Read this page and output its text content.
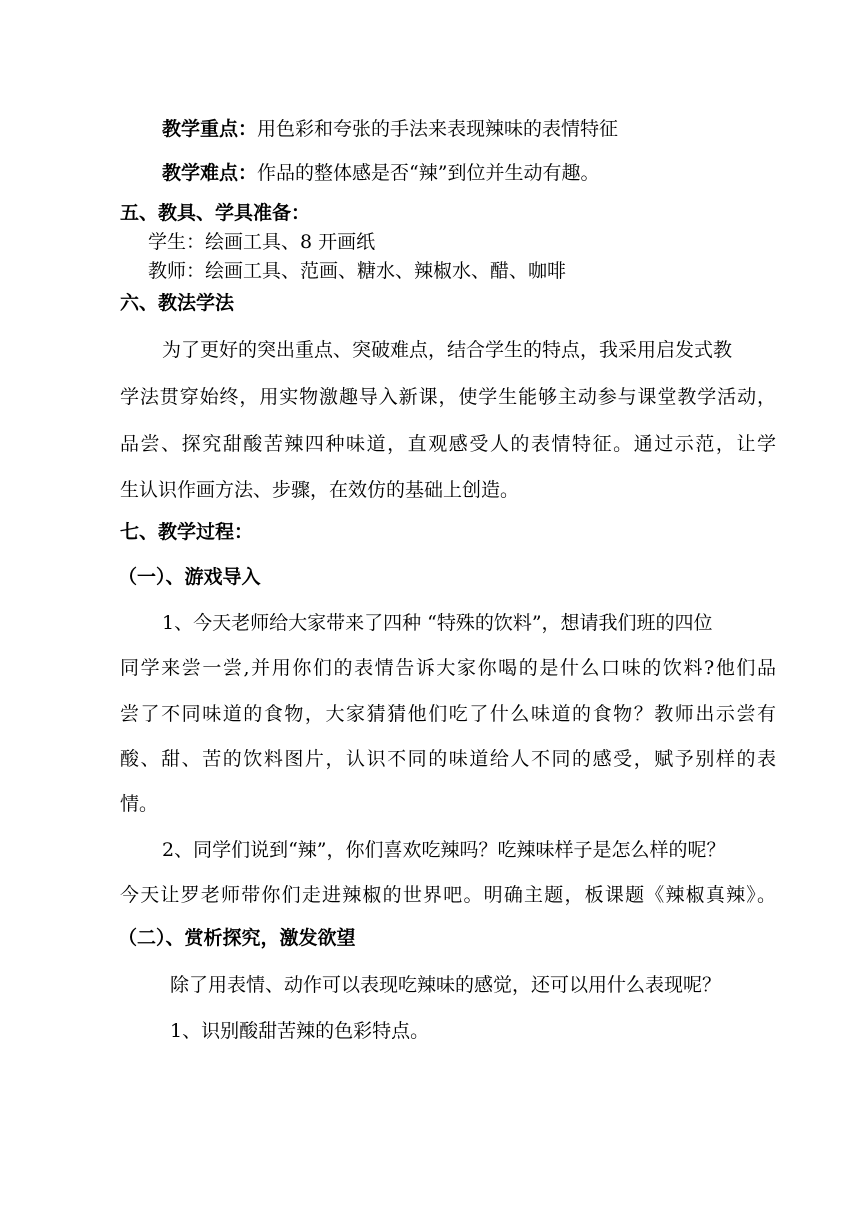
教学重点：用色彩和夸张的手法来表现辣味的表情特征
教学难点：作品的整体感是否“辣”到位并生动有趣。
五、教具、学具准备：
学生：绘画工具、8 开画纸
教师：绘画工具、范画、糖水、辣椒水、醋、咖啡
六、教法学法
为了更好的突出重点、突破难点，结合学生的特点，我采用启发式教
学法贯穿始终，用实物激趣导入新课，使学生能够主动参与课堂教学活动，
品尝、探究甜酸苦辣四种味道，直观感受人的表情特征。通过示范，让学
生认识作画方法、步骤，在效仿的基础上创造。
七、教学过程：
（一）、游戏导入
1、今天老师给大家带来了四种 “特殊的饮料”，想请我们班的四位
同学来尝一尝,并用你们的表情告诉大家你喝的是什么口味的饮料?他们品
尝了不同味道的食物，大家猜猜他们吃了什么味道的食物？教师出示尝有
酸、甜、苦的饮料图片，认识不同的味道给人不同的感受，赋予别样的表
情。
2、同学们说到“辣”，你们喜欢吃辣吗？吃辣味样子是怎么样的呢？
今天让罗老师带你们走进辣椒的世界吧。明确主题，板课题《辣椒真辣》。
（二）、赏析探究，激发欲望
除了用表情、动作可以表现吃辣味的感觉，还可以用什么表现呢？
1、识别酸甜苦辣的色彩特点。
